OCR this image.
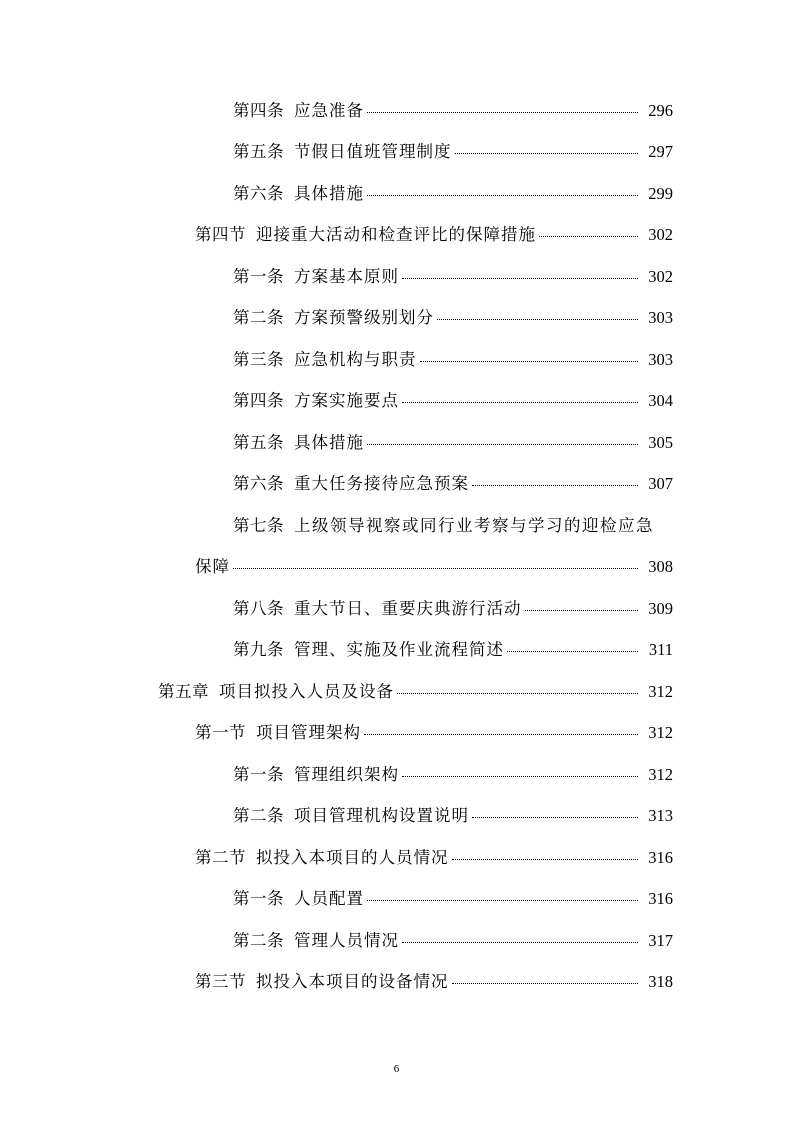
第四条 应急准备	296
第五条 节假日值班管理制度	297
第六条 具体措施	299
第四节 迎接重大活动和检查评比的保障措施	302
第一条 方案基本原则	302
第二条 方案预警级别划分	303
第三条 应急机构与职责	303
第四条 方案实施要点	304
第五条 具体措施	305
第六条 重大任务接待应急预案	307
第七条 上级领导视察或同行业考察与学习的迎检应急
保障	308
第八条 重大节日、重要庆典游行活动	309
第九条 管理、实施及作业流程简述	311
第五章 项目拟投入人员及设备	312
第一节 项目管理架构	312
第一条 管理组织架构	312
第二条 项目管理机构设置说明	313
第二节 拟投入本项目的人员情况	316
第一条 人员配置	316
第二条 管理人员情况	317
第三节 拟投入本项目的设备情况	318
6
